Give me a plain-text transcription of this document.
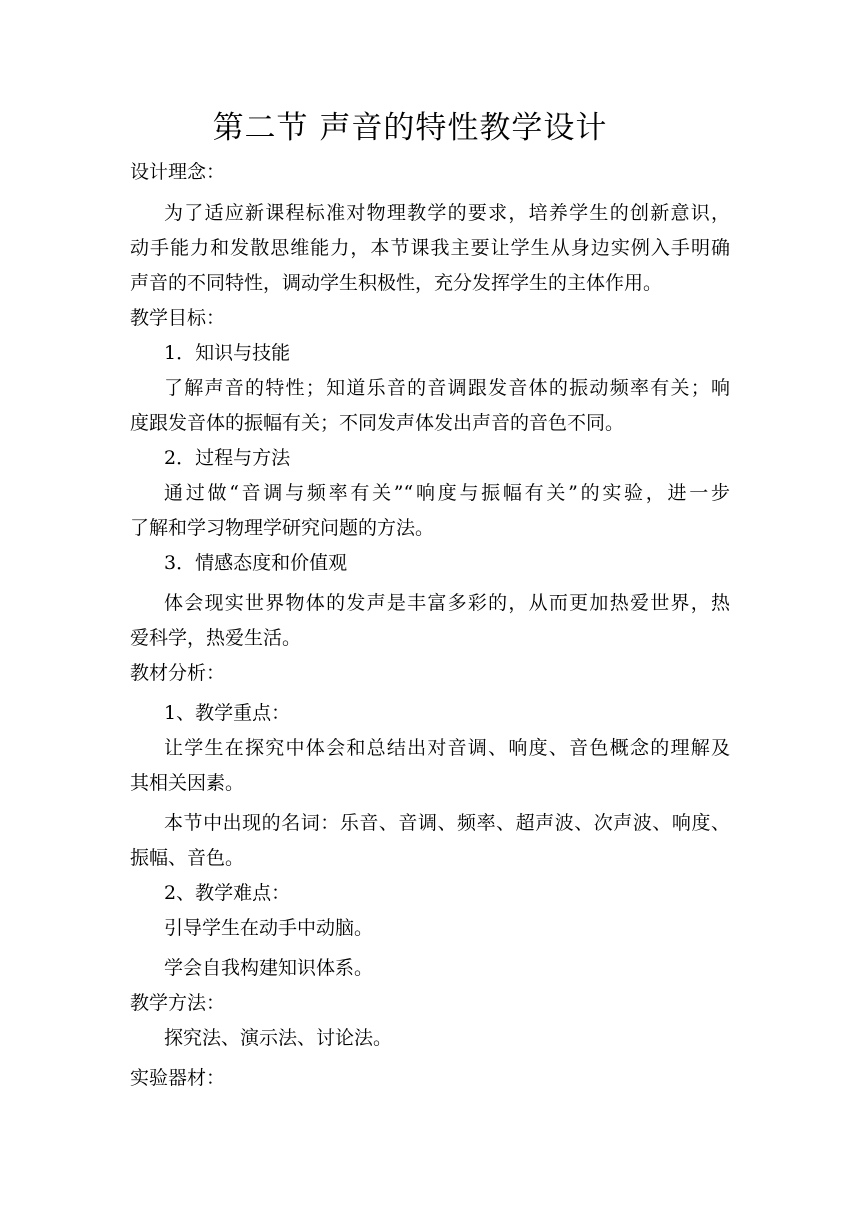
第二节 声音的特性教学设计
设计理念：
为了适应新课程标准对物理教学的要求，培养学生的创新意识，
动手能力和发散思维能力，本节课我主要让学生从身边实例入手明确
声音的不同特性，调动学生积极性，充分发挥学生的主体作用。
教学目标：
1．知识与技能
了解声音的特性；知道乐音的音调跟发音体的振动频率有关；响
度跟发音体的振幅有关；不同发声体发出声音的音色不同。
2．过程与方法
通过做“音调与频率有关”“响度与振幅有关”的实验，进一步
了解和学习物理学研究问题的方法。
3．情感态度和价值观
体会现实世界物体的发声是丰富多彩的，从而更加热爱世界，热
爱科学，热爱生活。
教材分析：
1、教学重点：
让学生在探究中体会和总结出对音调、响度、音色概念的理解及
其相关因素。
本节中出现的名词：乐音、音调、频率、超声波、次声波、响度、
振幅、音色。
2、教学难点：
引导学生在动手中动脑。
学会自我构建知识体系。
教学方法：
探究法、演示法、讨论法。
实验器材：
